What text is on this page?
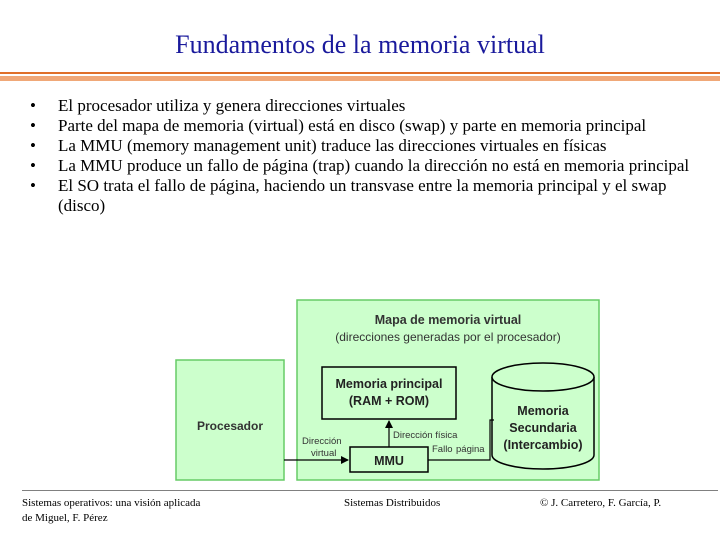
Fundamentos de la memoria virtual
•	El procesador utiliza y genera direcciones virtuales
•	Parte del mapa de memoria (virtual) está en disco (swap) y parte en memoria principal
•	La MMU (memory management unit) traduce las direcciones virtuales en físicas
•	La MMU produce un fallo de página (trap) cuando la dirección no está en memoria principal
•	El SO trata el fallo de página, haciendo un transvase entre la memoria principal y el swap (disco)
Procesador
Mapa de memoria virtual
(direcciones generadas por el procesador)
Memoria principal
(RAM + ROM)
Memoria
Secundaria
(Intercambio)
MMU
Dirección
virtual
Dirección física
Fallo página
Sistemas operativos: una visión aplicada
de Miguel, F. Pérez
Sistemas Distribuidos	© J. Carretero, F. García, P.
